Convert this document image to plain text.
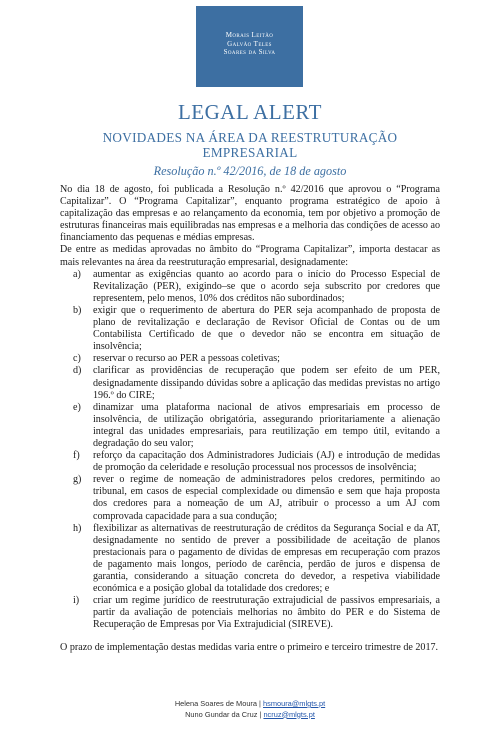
Morais Leitão
Galvão Teles
Soares da Silva
LEGAL ALERT
NOVIDADES NA ÁREA DA REESTRUTURAÇÃO EMPRESARIAL
Resolução n.º 42/2016, de 18 de agosto

No dia 18 de agosto, foi publicada a Resolução n.º 42/2016 que aprovou o “Programa Capitalizar”. O “Programa Capitalizar”, enquanto programa estratégico de apoio à capitalização das empresas e ao relançamento da economia, tem por objetivo a promoção de estruturas financeiras mais equilibradas nas empresas e a melhoria das condições de acesso ao financiamento das pequenas e médias empresas.

De entre as medidas aprovadas no âmbito do “Programa Capitalizar”, importa destacar as mais relevantes na área da reestruturação empresarial, designadamente:

a) aumentar as exigências quanto ao acordo para o início do Processo Especial de Revitalização (PER), exigindo–se que o acordo seja subscrito por credores que representem, pelo menos, 10% dos créditos não subordinados;
b) exigir que o requerimento de abertura do PER seja acompanhado de proposta de plano de revitalização e declaração de Revisor Oficial de Contas ou de um Contabilista Certificado de que o devedor não se encontra em situação de insolvência;
c) reservar o recurso ao PER a pessoas coletivas;
d) clarificar as providências de recuperação que podem ser efeito de um PER, designadamente dissipando dúvidas sobre a aplicação das medidas previstas no artigo 196.º do CIRE;
e) dinamizar uma plataforma nacional de ativos empresariais em processo de insolvência, de utilização obrigatória, assegurando prioritariamente a alienação integral das unidades empresariais, para reutilização em tempo útil, evitando a degradação do seu valor;
f) reforço da capacitação dos Administradores Judiciais (AJ) e introdução de medidas de promoção da celeridade e resolução processual nos processos de insolvência;
g) rever o regime de nomeação de administradores pelos credores, permitindo ao tribunal, em casos de especial complexidade ou dimensão e sem que haja proposta dos credores para a nomeação de um AJ, atribuir o processo a um AJ com comprovada capacidade para a sua condução;
h) flexibilizar as alternativas de reestruturação de créditos da Segurança Social e da AT, designadamente no sentido de prever a possibilidade de aceitação de planos prestacionais para o pagamento de dívidas de empresas em recuperação com prazos de pagamento mais longos, período de carência, perdão de juros e dispensa de garantia, considerando a situação concreta do devedor, a respetiva viabilidade económica e a posição global da totalidade dos credores; e
i) criar um regime jurídico de reestruturação extrajudicial de passivos empresariais, a partir da avaliação de potenciais melhorias no âmbito do PER e do Sistema de Recuperação de Empresas por Via Extrajudicial (SIREVE).

O prazo de implementação destas medidas varia entre o primeiro e terceiro trimestre de 2017.

Helena Soares de Moura | hsmoura@mlgts.pt
Nuno Gundar da Cruz | ncruz@mlgts.pt
